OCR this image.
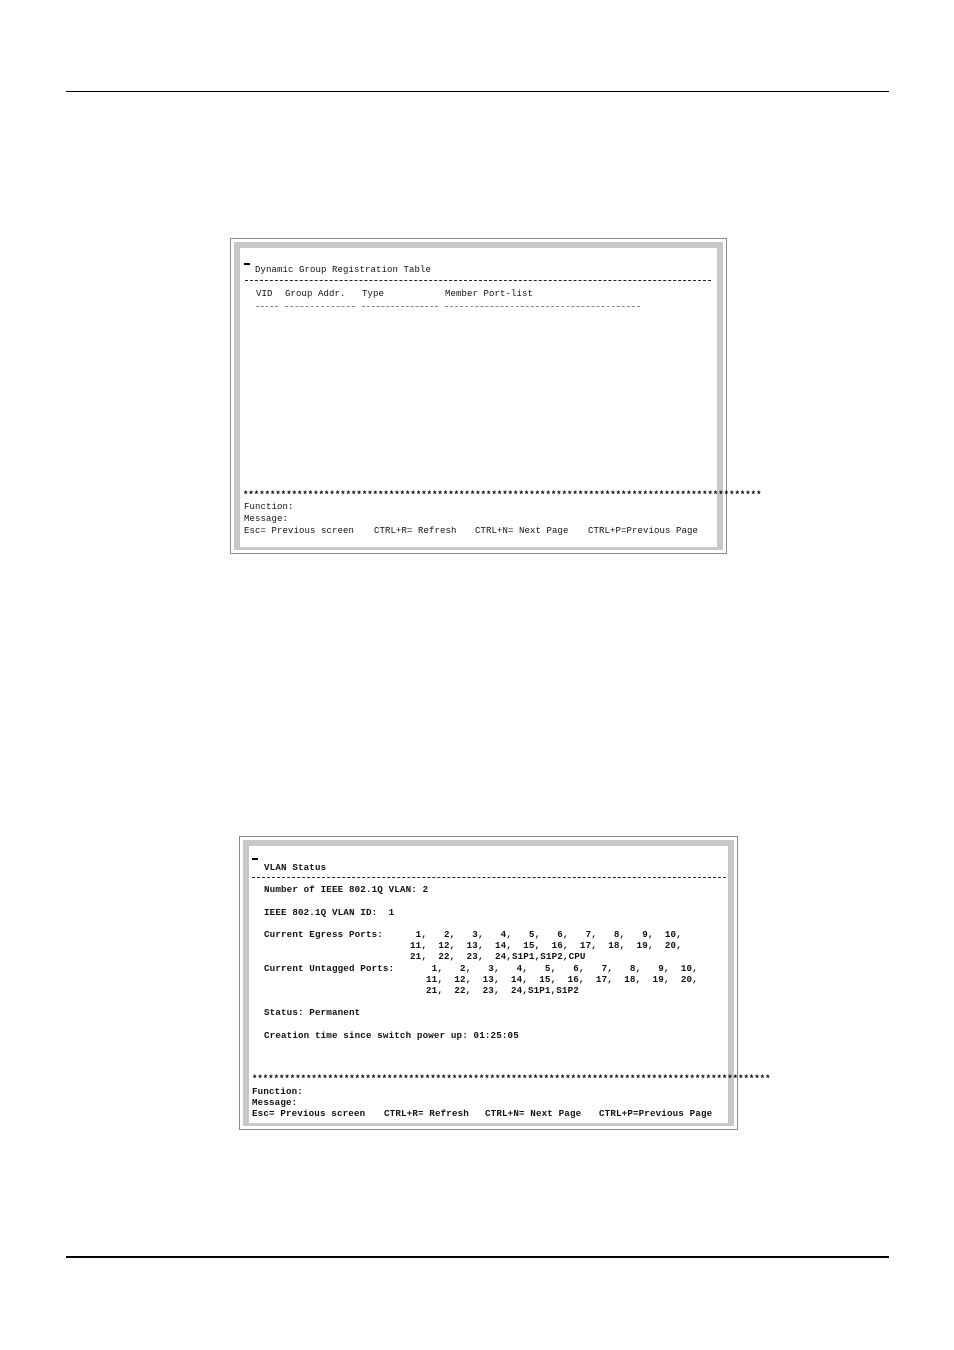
Dynamic Group Registration Table
VID Group Addr. Type	Member Port-list
************************************************************************************************
Function:
Message:
Esc= Previous screen CTRL+R= Refresh CTRL+N= Next Page CTRL+P=Previous Page
VLAN Status
Number of IEEE 802.1Q VLAN: 2
IEEE 802.1Q VLAN ID:  1
Current Egress Ports:	1,   2,   3,   4,   5,   6,   7,   8,   9,  10,
11,  12,  13,  14,  15,  16,  17,  18,  19,  20,
21,  22,  23,  24,S1P1,S1P2,CPU
Current Untagged Ports:	1,   2,   3,   4,   5,   6,   7,   8,   9,  10,
11,  12,  13,  14,  15,  16,  17,  18,  19,  20,
21,  22,  23,  24,S1P1,S1P2
Status: Permanent
Creation time since switch power up: 01:25:05
************************************************************************************************
Function:
Message:
Esc= Previous screen CTRL+R= Refresh CTRL+N= Next Page CTRL+P=Previous Page
